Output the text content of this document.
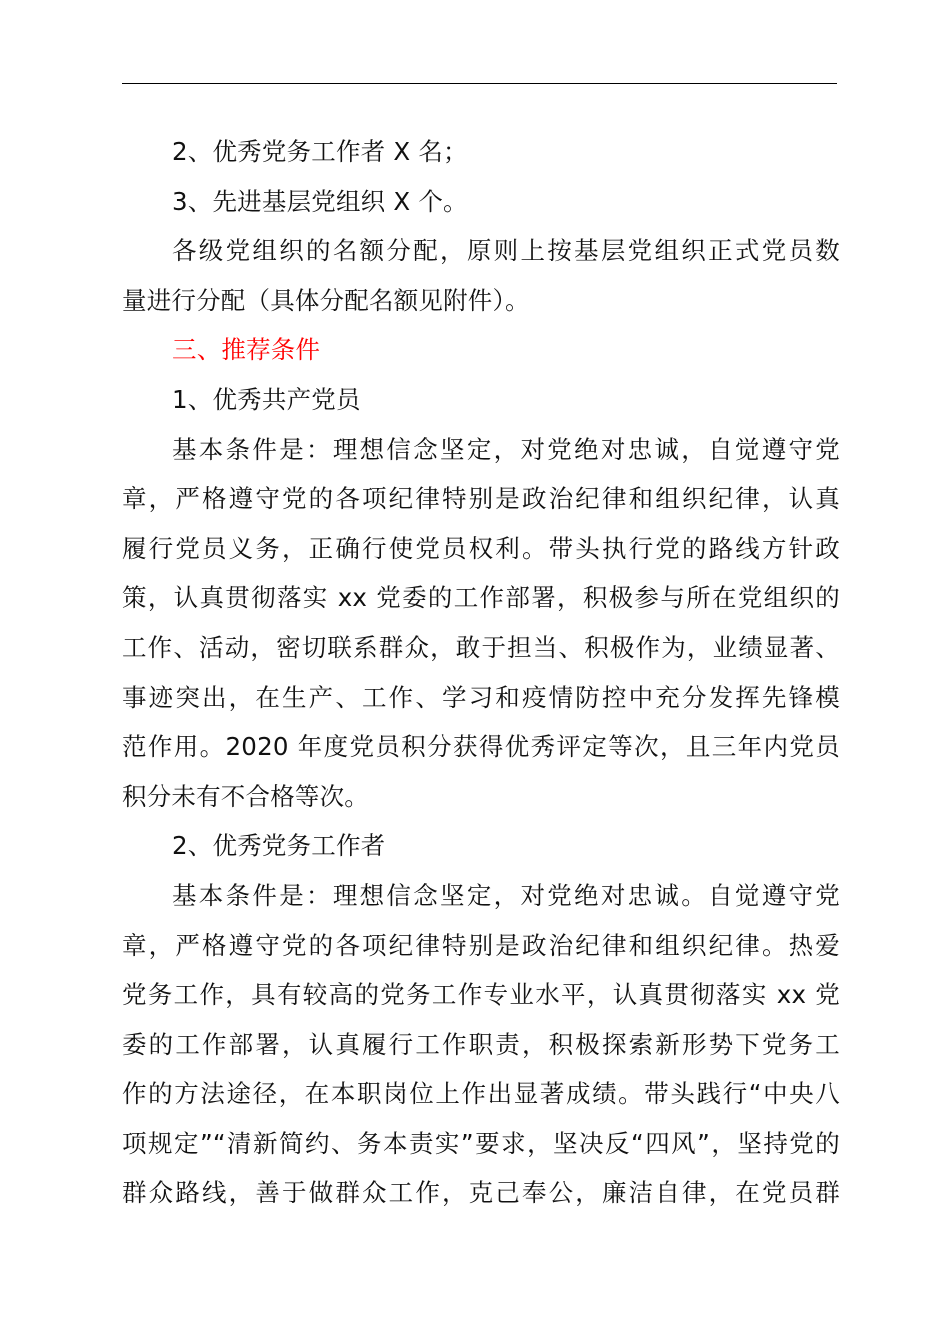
2、优秀党务工作者 X 名；
3、先进基层党组织 X 个。
各级党组织的名额分配，原则上按基层党组织正式党员数
量进行分配（具体分配名额见附件）。
三、推荐条件
1、优秀共产党员
基本条件是：理想信念坚定，对党绝对忠诚，自觉遵守党
章，严格遵守党的各项纪律特别是政治纪律和组织纪律，认真
履行党员义务，正确行使党员权利。带头执行党的路线方针政
策，认真贯彻落实 xx 党委的工作部署，积极参与所在党组织的
工作、活动，密切联系群众，敢于担当、积极作为，业绩显著、
事迹突出，在生产、工作、学习和疫情防控中充分发挥先锋模
范作用。2020 年度党员积分获得优秀评定等次，且三年内党员
积分未有不合格等次。
2、优秀党务工作者
基本条件是：理想信念坚定，对党绝对忠诚。自觉遵守党
章，严格遵守党的各项纪律特别是政治纪律和组织纪律。热爱
党务工作，具有较高的党务工作专业水平，认真贯彻落实 xx 党
委的工作部署，认真履行工作职责，积极探索新形势下党务工
作的方法途径，在本职岗位上作出显著成绩。带头践行“中央八
项规定”“清新简约、务本责实”要求，坚决反“四风”，坚持党的
群众路线，善于做群众工作，克己奉公，廉洁自律，在党员群
